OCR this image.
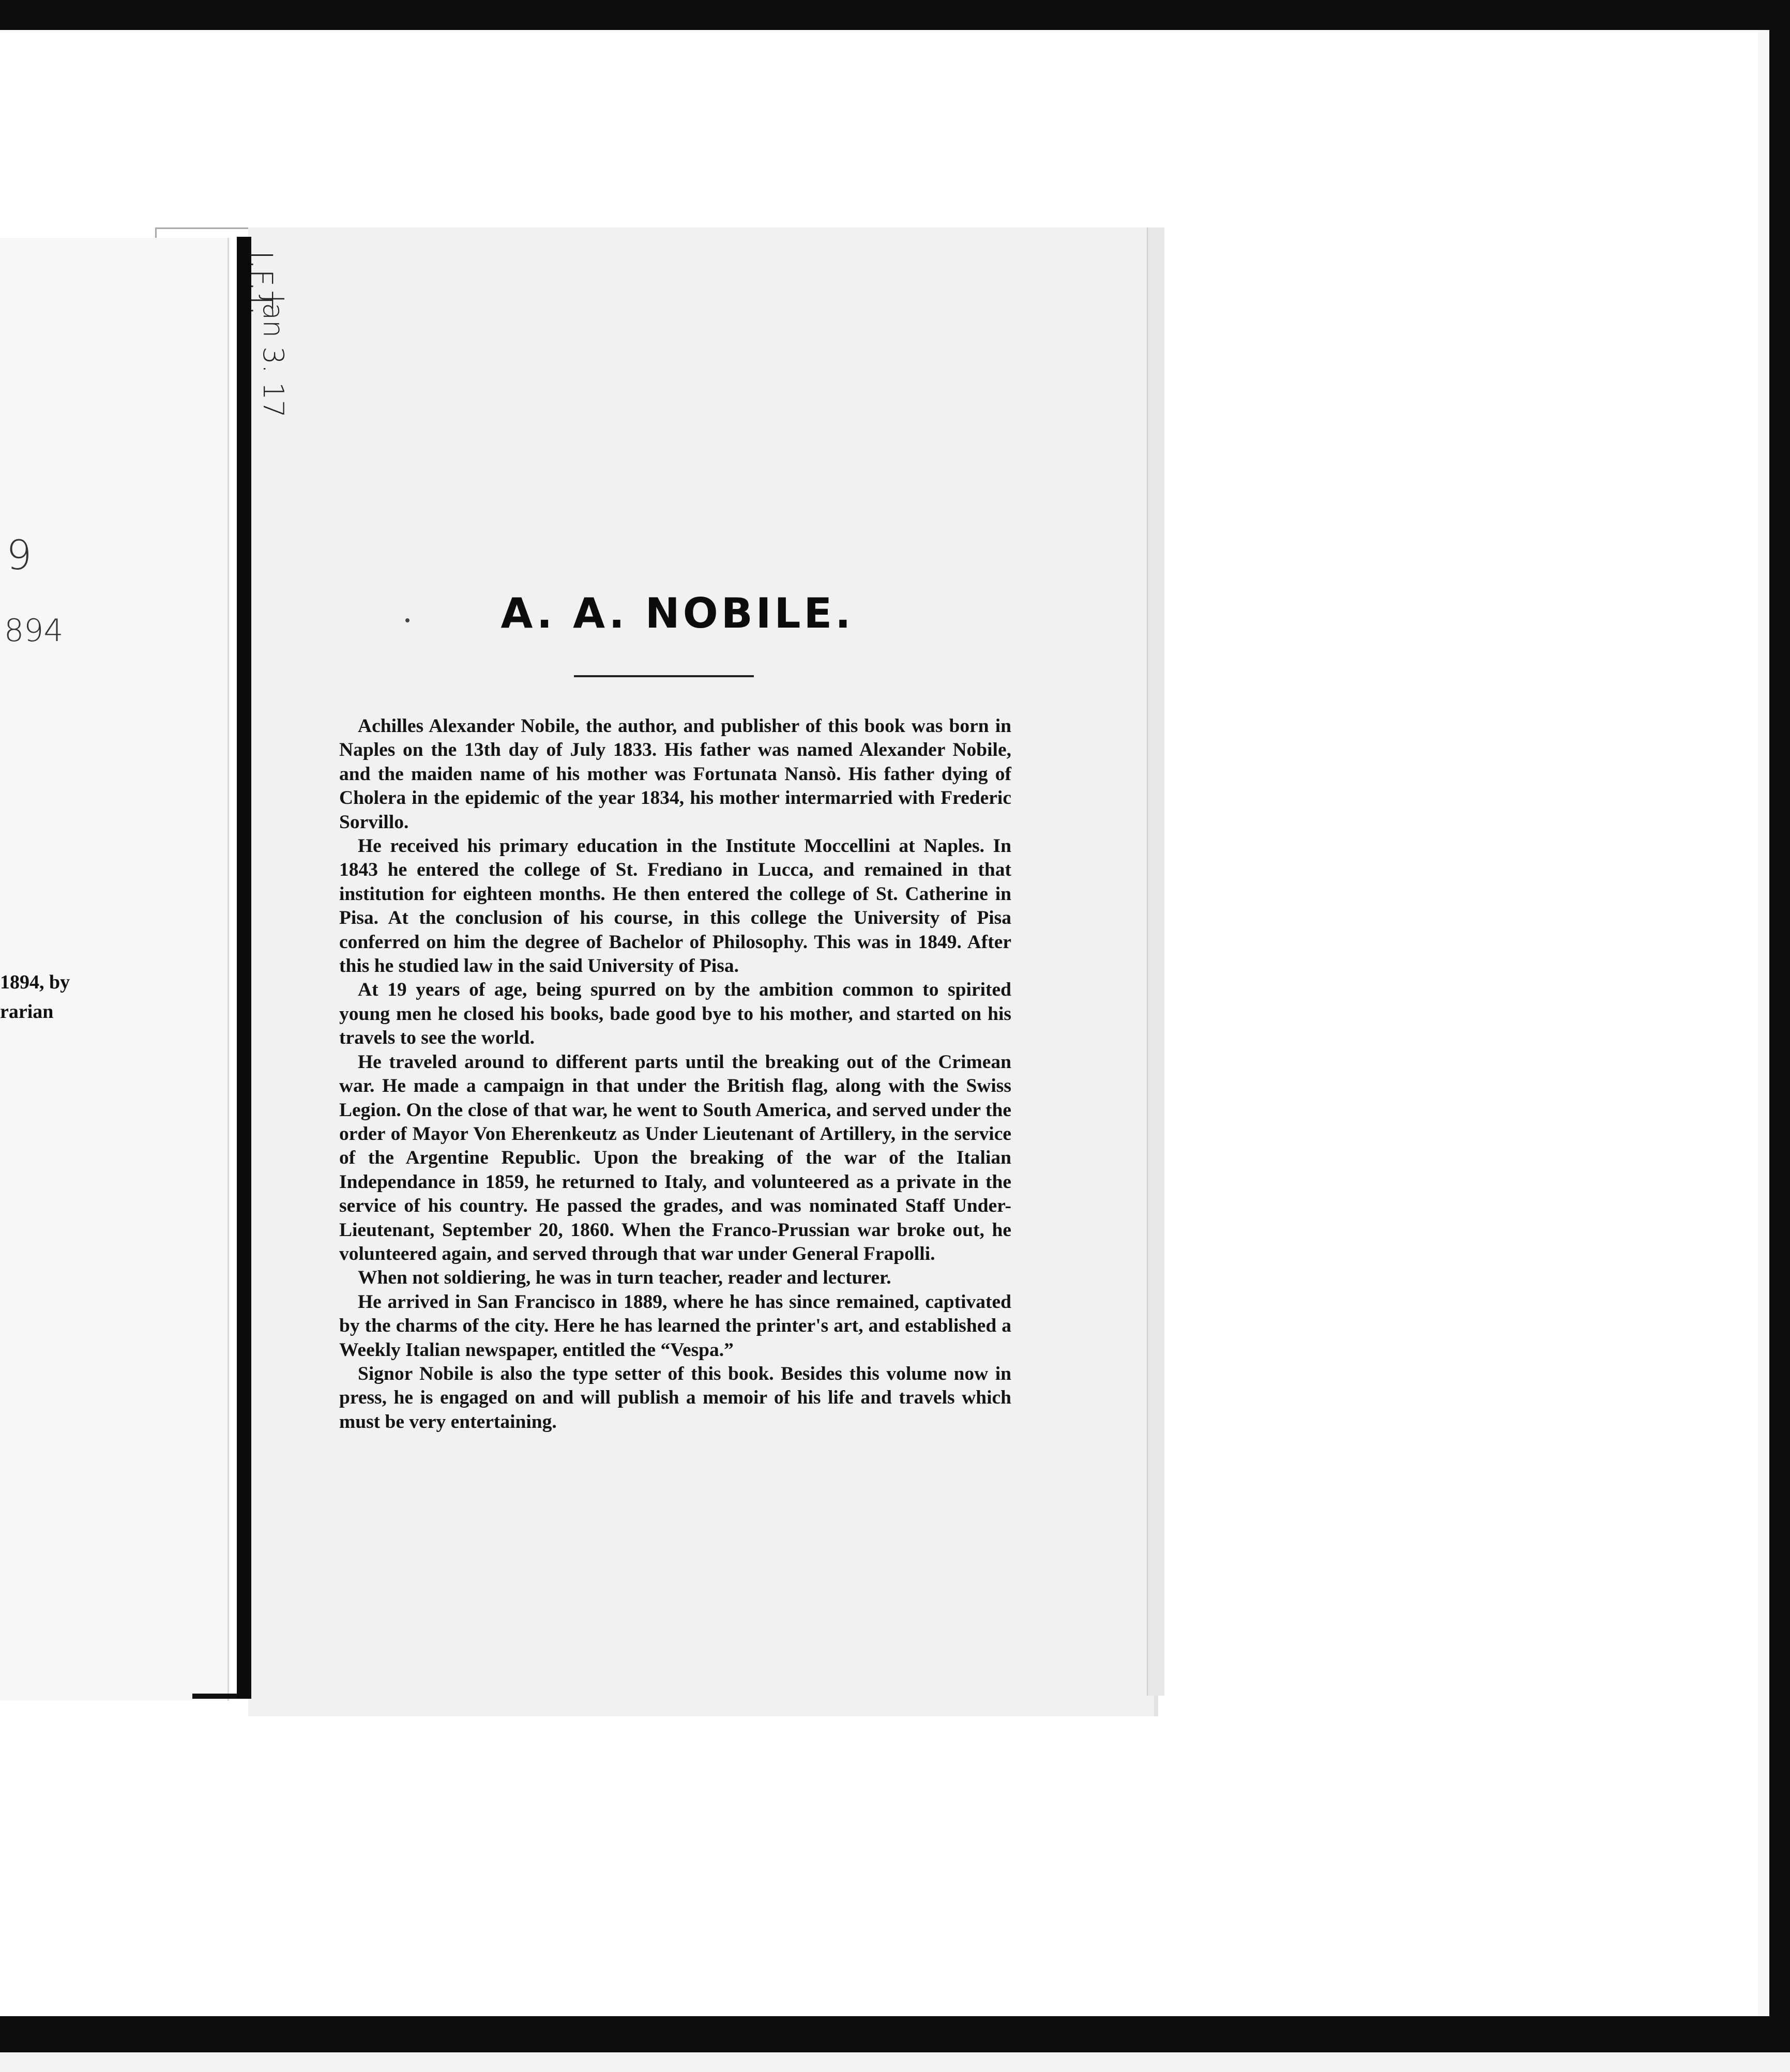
9
894
1894, by
rarian
I.F.T.
Jan 3. 17
A. A. NOBILE.

Achilles Alexander Nobile, the author, and publisher of this book was born in Naples on the 13th day of July 1833. His father was named Alexander Nobile, and the maiden name of his mother was Fortunata Nansò. His father dying of Cholera in the epidemic of the year 1834, his mother intermarried with Frederic Sorvillo.

He received his primary education in the Institute Moccellini at Naples. In 1843 he entered the college of St. Frediano in Lucca, and remained in that institution for eighteen months. He then entered the college of St. Catherine in Pisa. At the conclusion of his course, in this college the University of Pisa conferred on him the degree of Bachelor of Philosophy. This was in 1849. After this he studied law in the said University of Pisa.

At 19 years of age, being spurred on by the ambition common to spirited young men he closed his books, bade good bye to his mother, and started on his travels to see the world.

He traveled around to different parts until the breaking out of the Crimean war. He made a campaign in that under the British flag, along with the Swiss Legion. On the close of that war, he went to South America, and served under the order of Mayor Von Eherenkeutz as Under Lieutenant of Artillery, in the service of the Argentine Republic. Upon the breaking of the war of the Italian Independance in 1859, he returned to Italy, and volunteered as a private in the service of his country. He passed the grades, and was nominated Staff Under-Lieutenant, September 20, 1860. When the Franco-Prussian war broke out, he volunteered again, and served through that war under General Frapolli.

When not soldiering, he was in turn teacher, reader and lecturer.

He arrived in San Francisco in 1889, where he has since remained, captivated by the charms of the city. Here he has learned the printer's art, and established a Weekly Italian newspaper, entitled the “Vespa.”

Signor Nobile is also the type setter of this book. Besides this volume now in press, he is engaged on and will publish a memoir of his life and travels which must be very entertaining.
